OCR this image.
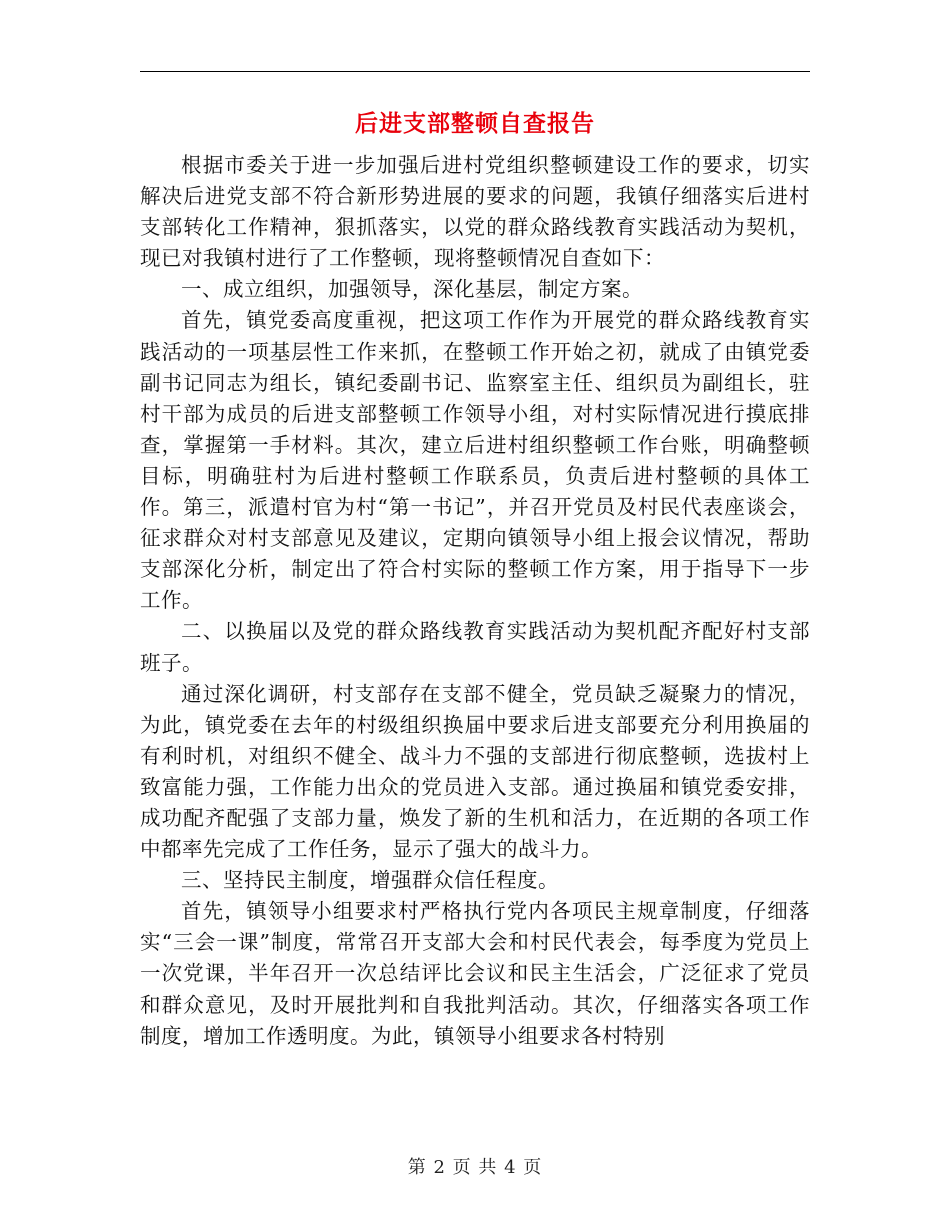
后进支部整顿自查报告

根据市委关于进一步加强后进村党组织整顿建设工作的要求，切实解决后进党支部不符合新形势进展的要求的问题，我镇仔细落实后进村支部转化工作精神，狠抓落实，以党的群众路线教育实践活动为契机，现已对我镇村进行了工作整顿，现将整顿情况自查如下：

一、成立组织，加强领导，深化基层，制定方案。

首先，镇党委高度重视，把这项工作作为开展党的群众路线教育实践活动的一项基层性工作来抓，在整顿工作开始之初，就成了由镇党委副书记同志为组长，镇纪委副书记、监察室主任、组织员为副组长，驻村干部为成员的后进支部整顿工作领导小组，对村实际情况进行摸底排查，掌握第一手材料。其次，建立后进村组织整顿工作台账，明确整顿目标，明确驻村为后进村整顿工作联系员，负责后进村整顿的具体工作。第三，派遣村官为村“第一书记”，并召开党员及村民代表座谈会，征求群众对村支部意见及建议，定期向镇领导小组上报会议情况，帮助支部深化分析，制定出了符合村实际的整顿工作方案，用于指导下一步工作。

二、以换届以及党的群众路线教育实践活动为契机配齐配好村支部班子。

通过深化调研，村支部存在支部不健全，党员缺乏凝聚力的情况，为此，镇党委在去年的村级组织换届中要求后进支部要充分利用换届的有利时机，对组织不健全、战斗力不强的支部进行彻底整顿，选拔村上致富能力强，工作能力出众的党员进入支部。通过换届和镇党委安排，成功配齐配强了支部力量，焕发了新的生机和活力，在近期的各项工作中都率先完成了工作任务，显示了强大的战斗力。

三、坚持民主制度，增强群众信任程度。

首先，镇领导小组要求村严格执行党内各项民主规章制度，仔细落实“三会一课”制度，常常召开支部大会和村民代表会，每季度为党员上一次党课，半年召开一次总结评比会议和民主生活会，广泛征求了党员和群众意见，及时开展批判和自我批判活动。其次，仔细落实各项工作制度，增加工作透明度。为此，镇领导小组要求各村特别

第 2 页 共 4 页
